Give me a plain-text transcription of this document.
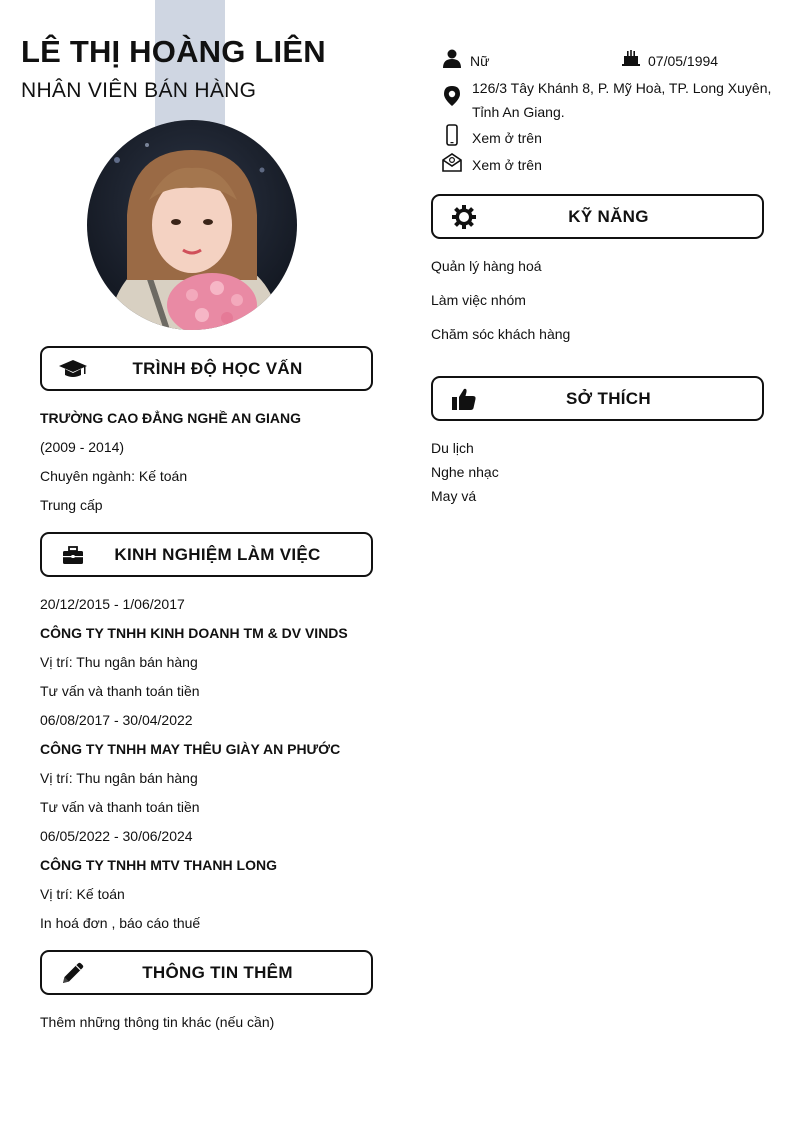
LÊ THỊ HOÀNG LIÊN
NHÂN VIÊN BÁN HÀNG
Nữ	07/05/1994
126/3 Tây Khánh 8, P. Mỹ Hoà, TP. Long Xuyên, Tỉnh An Giang.
Xem ở trên
Xem ở trên
KỸ NĂNG
Quản lý hàng hoá
Làm việc nhóm
Chăm sóc khách hàng
SỞ THÍCH
Du lịch
Nghe nhạc
May vá
TRÌNH ĐỘ HỌC VẤN
TRƯỜNG CAO ĐẲNG NGHỀ AN GIANG
(2009 - 2014)
Chuyên ngành: Kế toán
Trung cấp
KINH NGHIỆM LÀM VIỆC
20/12/2015 - 1/06/2017
CÔNG TY TNHH KINH DOANH TM & DV VINDS
Vị trí: Thu ngân bán hàng
Tư vấn và thanh toán tiền
06/08/2017 - 30/04/2022
CÔNG TY TNHH MAY THÊU GIÀY AN PHƯỚC
Vị trí: Thu ngân bán hàng
Tư vấn và thanh toán tiền
06/05/2022 - 30/06/2024
CÔNG TY TNHH MTV THANH LONG
Vị trí: Kế toán
In hoá đơn , báo cáo thuế
THÔNG TIN THÊM
Thêm những thông tin khác (nếu cần)
